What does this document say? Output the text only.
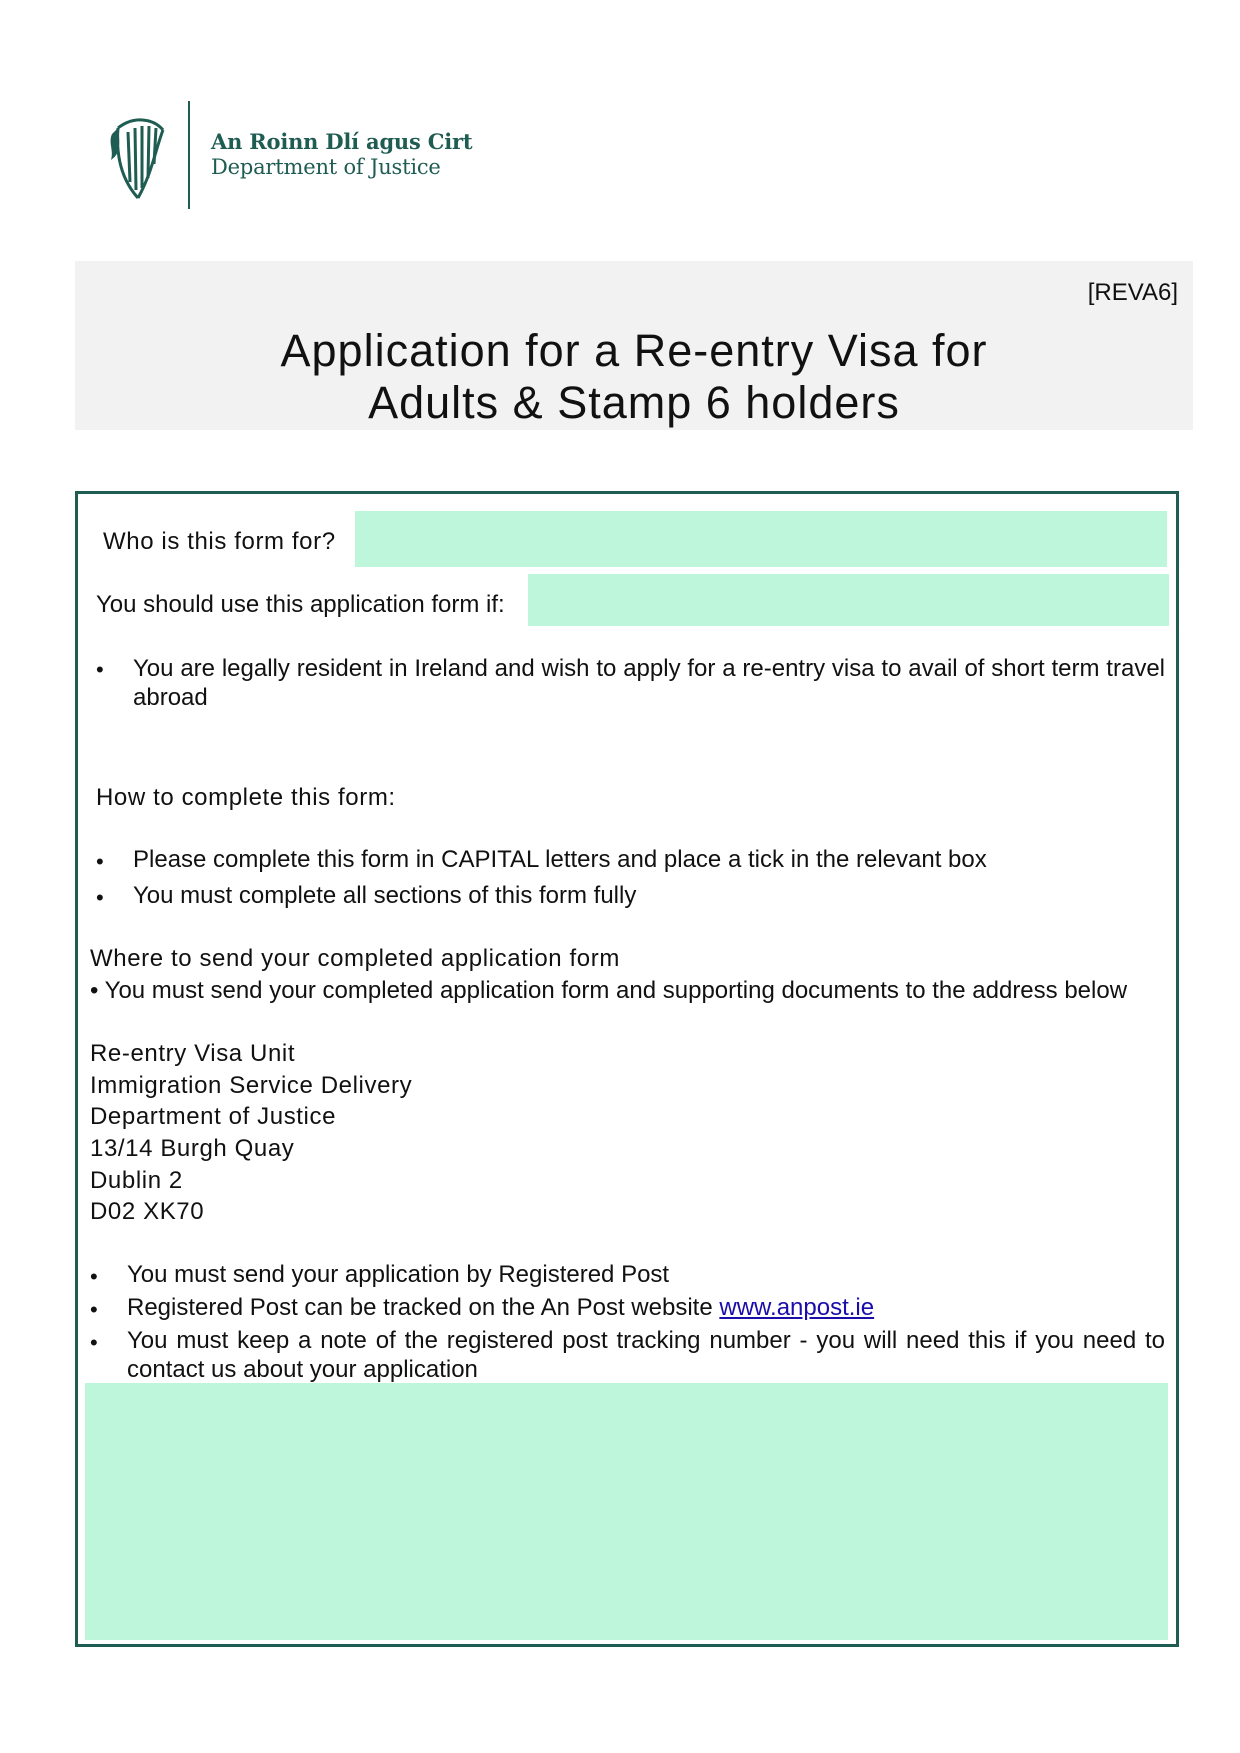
An Roinn Dlí agus Cirt
Department of Justice
[REVA6]
Application for a Re-entry Visa for
Adults & Stamp 6 holders
Who is this form for?
You should use this application form if:
• You are legally resident in Ireland and wish to apply for a re-entry visa to avail of short term travel abroad
How to complete this form:
• Please complete this form in CAPITAL letters and place a tick in the relevant box
• You must complete all sections of this form fully
Where to send your completed application form
• You must send your completed application form and supporting documents to the address below
Re-entry Visa Unit
Immigration Service Delivery
Department of Justice
13/14 Burgh Quay
Dublin 2
D02 XK70
• You must send your application by Registered Post
• Registered Post can be tracked on the An Post website www.anpost.ie
• You must keep a note of the registered post tracking number - you will need this if you need to contact us about your application
